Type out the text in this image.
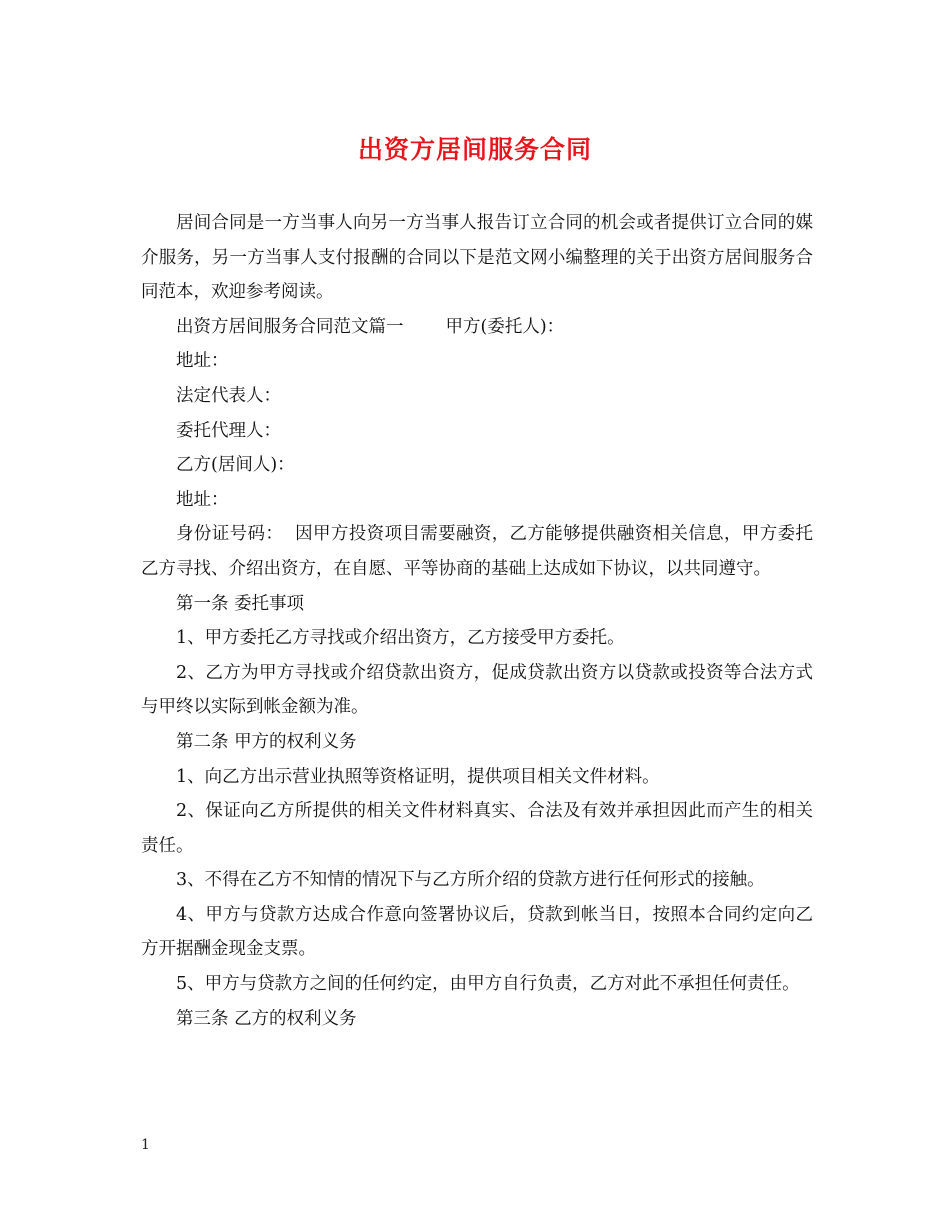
出资方居间服务合同

居间合同是一方当事人向另一方当事人报告订立合同的机会或者提供订立合同的媒介服务，另一方当事人支付报酬的合同以下是范文网小编整理的关于出资方居间服务合同范本，欢迎参考阅读。

出资方居间服务合同范文篇一 甲方(委托人)：

地址：

法定代表人：

委托代理人：

乙方(居间人)：

地址：

身份证号码： 因甲方投资项目需要融资，乙方能够提供融资相关信息，甲方委托乙方寻找、介绍出资方，在自愿、平等协商的基础上达成如下协议，以共同遵守。

第一条 委托事项

1、甲方委托乙方寻找或介绍出资方，乙方接受甲方委托。

2、乙方为甲方寻找或介绍贷款出资方，促成贷款出资方以贷款或投资等合法方式与甲终以实际到帐金额为准。

第二条 甲方的权利义务

1、向乙方出示营业执照等资格证明，提供项目相关文件材料。

2、保证向乙方所提供的相关文件材料真实、合法及有效并承担因此而产生的相关责任。

3、不得在乙方不知情的情况下与乙方所介绍的贷款方进行任何形式的接触。

4、甲方与贷款方达成合作意向签署协议后，贷款到帐当日，按照本合同约定向乙方开据酬金现金支票。

5、甲方与贷款方之间的任何约定，由甲方自行负责，乙方对此不承担任何责任。

第三条 乙方的权利义务

1
